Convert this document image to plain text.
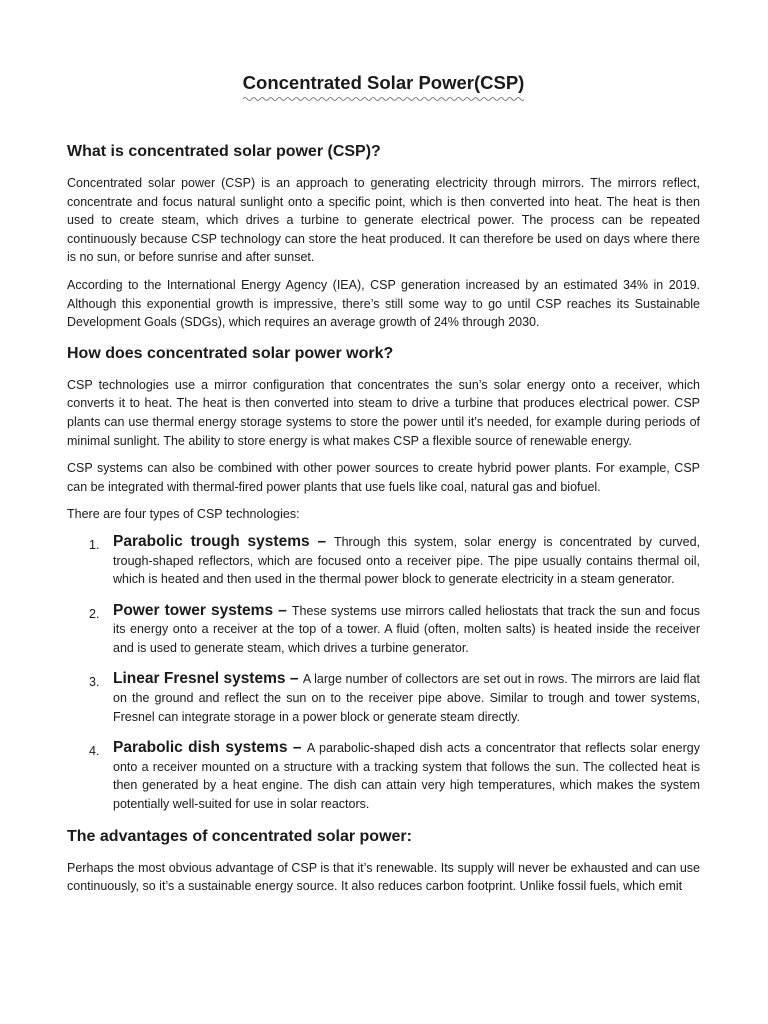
Concentrated Solar Power(CSP)
What is concentrated solar power (CSP)?

Concentrated solar power (CSP) is an approach to generating electricity through mirrors. The mirrors reflect, concentrate and focus natural sunlight onto a specific point, which is then converted into heat. The heat is then used to create steam, which drives a turbine to generate electrical power. The process can be repeated continuously because CSP technology can store the heat produced. It can therefore be used on days where there is no sun, or before sunrise and after sunset.

According to the International Energy Agency (IEA), CSP generation increased by an estimated 34% in 2019. Although this exponential growth is impressive, there’s still some way to go until CSP reaches its Sustainable Development Goals (SDGs), which requires an average growth of 24% through 2030.

How does concentrated solar power work?

CSP technologies use a mirror configuration that concentrates the sun’s solar energy onto a receiver, which converts it to heat. The heat is then converted into steam to drive a turbine that produces electrical power. CSP plants can use thermal energy storage systems to store the power until it’s needed, for example during periods of minimal sunlight. The ability to store energy is what makes CSP a flexible source of renewable energy.

CSP systems can also be combined with other power sources to create hybrid power plants. For example, CSP can be integrated with thermal-fired power plants that use fuels like coal, natural gas and biofuel.

There are four types of CSP technologies:

1. Parabolic trough systems – Through this system, solar energy is concentrated by curved, trough-shaped reflectors, which are focused onto a receiver pipe. The pipe usually contains thermal oil, which is heated and then used in the thermal power block to generate electricity in a steam generator.
2. Power tower systems – These systems use mirrors called heliostats that track the sun and focus its energy onto a receiver at the top of a tower. A fluid (often, molten salts) is heated inside the receiver and is used to generate steam, which drives a turbine generator.
3. Linear Fresnel systems – A large number of collectors are set out in rows. The mirrors are laid flat on the ground and reflect the sun on to the receiver pipe above. Similar to trough and tower systems, Fresnel can integrate storage in a power block or generate steam directly.
4. Parabolic dish systems – A parabolic-shaped dish acts a concentrator that reflects solar energy onto a receiver mounted on a structure with a tracking system that follows the sun. The collected heat is then generated by a heat engine. The dish can attain very high temperatures, which makes the system potentially well-suited for use in solar reactors.
The advantages of concentrated solar power:

Perhaps the most obvious advantage of CSP is that it’s renewable. Its supply will never be exhausted and can use continuously, so it’s a sustainable energy source. It also reduces carbon footprint. Unlike fossil fuels, which emit
